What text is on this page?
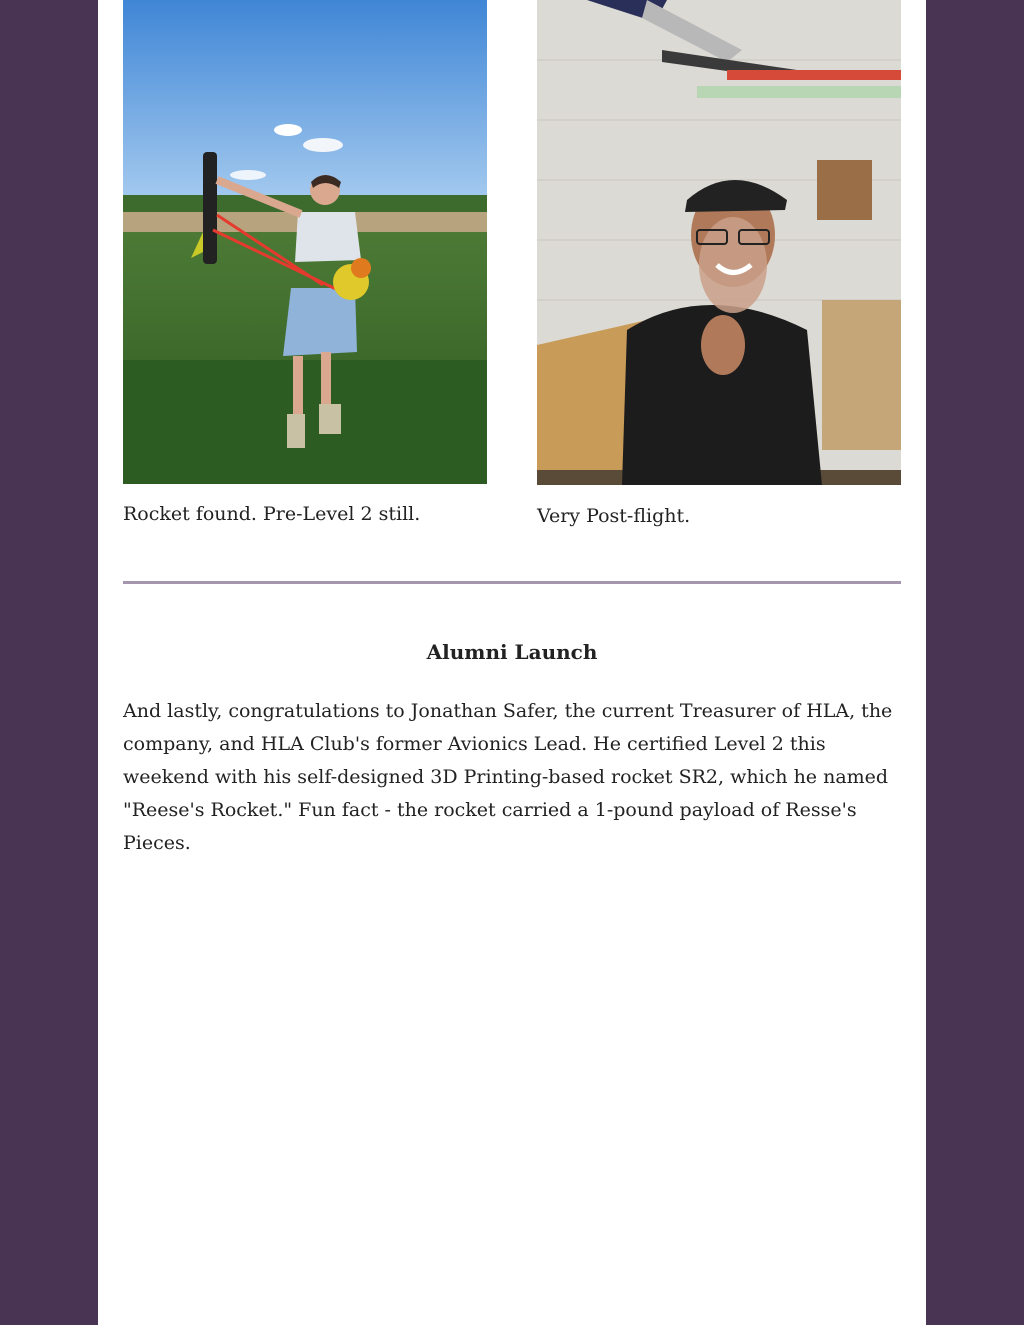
Rocket found. Pre-Level 2 still.	Very Post-flight.
Alumni Launch
And lastly, congratulations to Jonathan Safer, the current Treasurer of HLA, the company, and HLA Club's former Avionics Lead. He certified Level 2 this weekend with his self-designed 3D Printing-based rocket SR2, which he named "Reese's Rocket." Fun fact - the rocket carried a 1-pound payload of Resse's Pieces.
